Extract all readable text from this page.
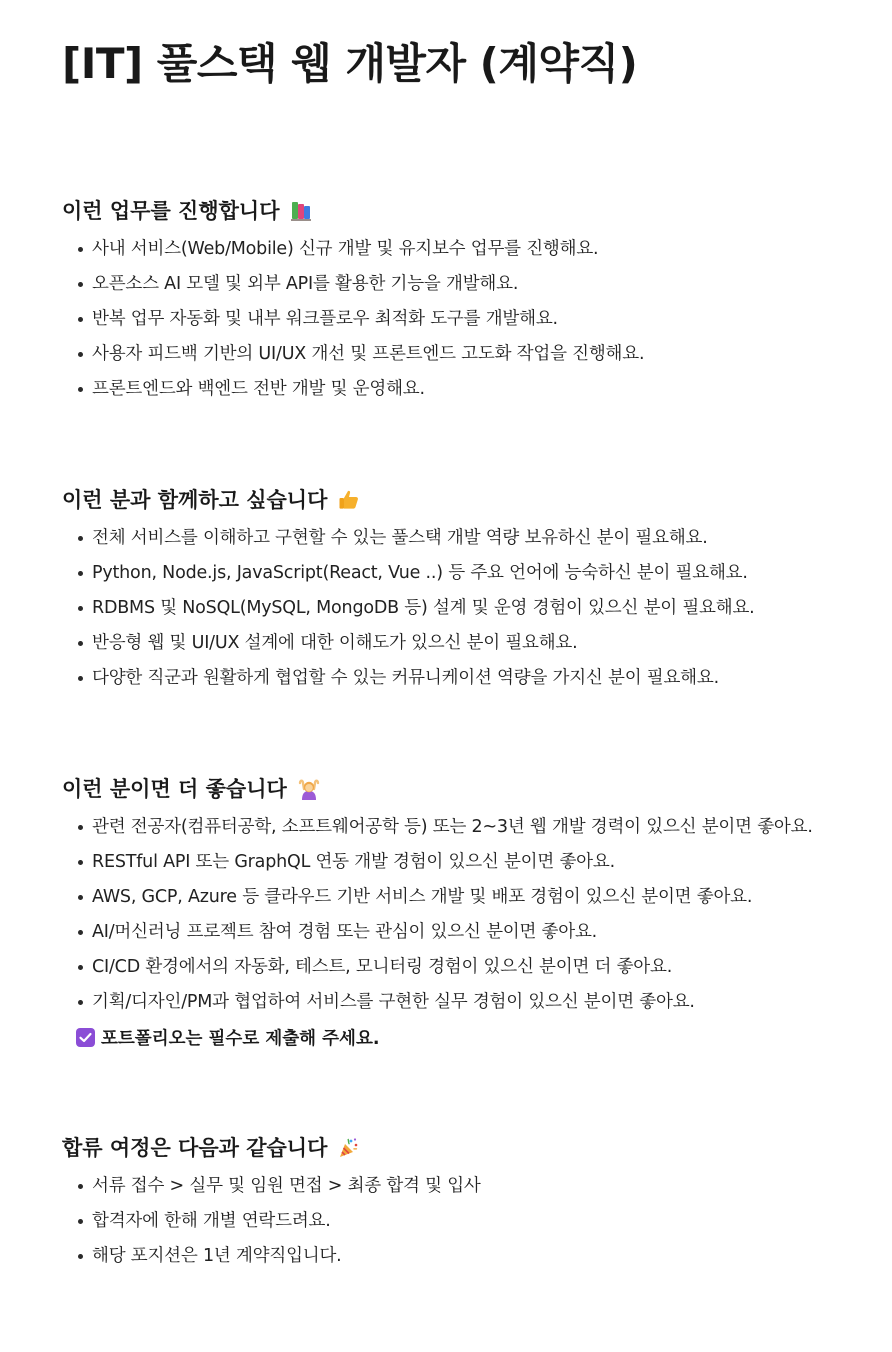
[IT] 풀스택 웹 개발자 (계약직)
이런 업무를 진행합니다
사내 서비스(Web/Mobile) 신규 개발 및 유지보수 업무를 진행해요.
오픈소스 AI 모델 및 외부 API를 활용한 기능을 개발해요.
반복 업무 자동화 및 내부 워크플로우 최적화 도구를 개발해요.
사용자 피드백 기반의 UI/UX 개선 및 프론트엔드 고도화 작업을 진행해요.
프론트엔드와 백엔드 전반 개발 및 운영해요.
이런 분과 함께하고 싶습니다
전체 서비스를 이해하고 구현할 수 있는 풀스택 개발 역량 보유하신 분이 필요해요.
Python, Node.js, JavaScript(React, Vue ..) 등 주요 언어에 능숙하신 분이 필요해요.
RDBMS 및 NoSQL(MySQL, MongoDB 등) 설계 및 운영 경험이 있으신 분이 필요해요.
반응형 웹 및 UI/UX 설계에 대한 이해도가 있으신 분이 필요해요.
다양한 직군과 원활하게 협업할 수 있는 커뮤니케이션 역량을 가지신 분이 필요해요.
이런 분이면 더 좋습니다
관련 전공자(컴퓨터공학, 소프트웨어공학 등) 또는 2~3년 웹 개발 경력이 있으신 분이면 좋아요.
RESTful API 또는 GraphQL 연동 개발 경험이 있으신 분이면 좋아요.
AWS, GCP, Azure 등 클라우드 기반 서비스 개발 및 배포 경험이 있으신 분이면 좋아요.
AI/머신러닝 프로젝트 참여 경험 또는 관심이 있으신 분이면 좋아요.
CI/CD 환경에서의 자동화, 테스트, 모니터링 경험이 있으신 분이면 더 좋아요.
기획/디자인/PM과 협업하여 서비스를 구현한 실무 경험이 있으신 분이면 좋아요.
포트폴리오는 필수로 제출해 주세요.
합류 여정은 다음과 같습니다
서류 접수 > 실무 및 임원 면접 > 최종 합격 및 입사
합격자에 한해 개별 연락드려요.
해당 포지션은 1년 계약직입니다.
